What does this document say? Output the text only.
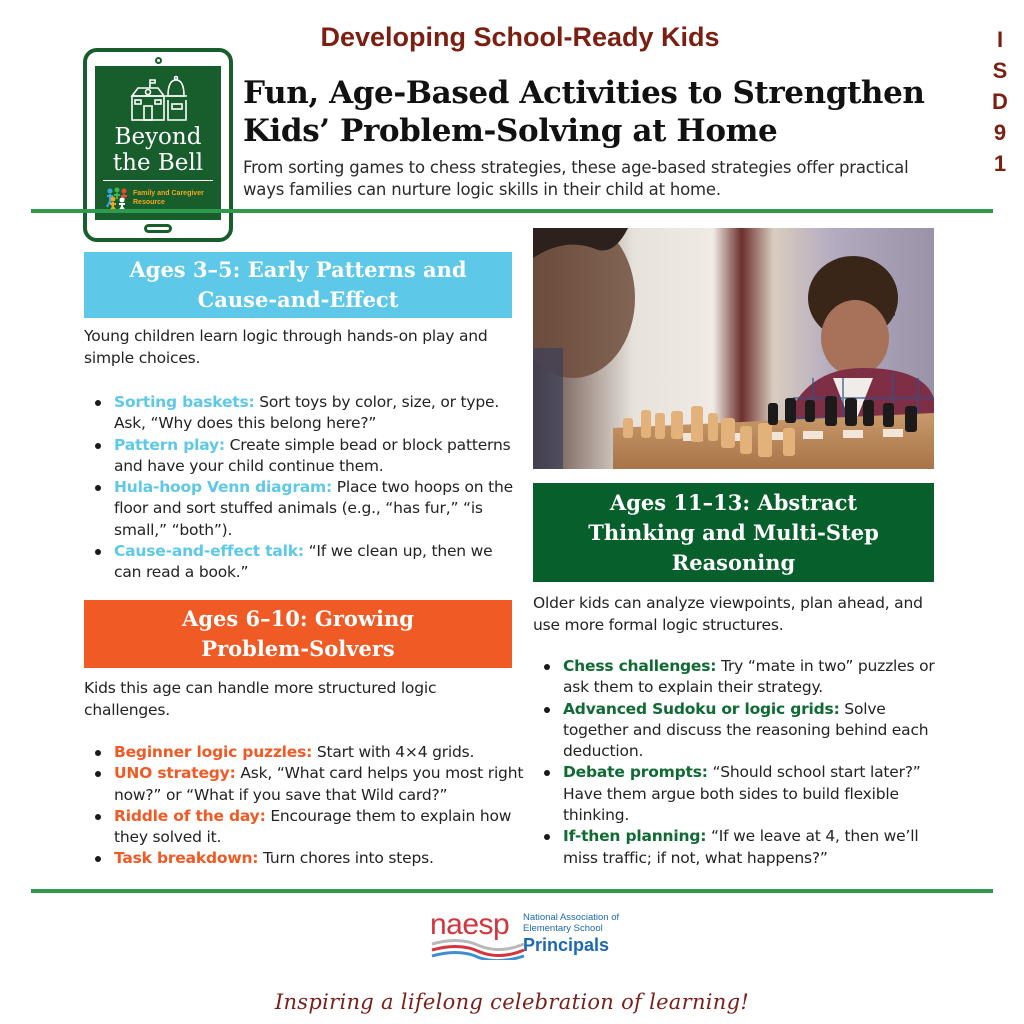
Developing School-Ready Kids	I
S
D
9
1
Beyond
the Bell
Family and Caregiver
Resource
Fun, Age-Based Activities to Strengthen Kids’ Problem-Solving at Home

From sorting games to chess strategies, these age-based strategies offer practical ways families can nurture logic skills in their child at home.

Ages 3–5: Early Patterns and Cause-and-Effect

Young children learn logic through hands-on play and simple choices.

Sorting baskets: Sort toys by color, size, or type. Ask, “Why does this belong here?”
Pattern play: Create simple bead or block patterns and have your child continue them.
Hula-hoop Venn diagram: Place two hoops on the floor and sort stuffed animals (e.g., “has fur,” “is small,” “both”).
Cause-and-effect talk: “If we clean up, then we can read a book.”
Ages 6–10: Growing Problem-Solvers

Kids this age can handle more structured logic challenges.

Beginner logic puzzles: Start with 4×4 grids.
UNO strategy: Ask, “What card helps you most right now?” or “What if you save that Wild card?”
Riddle of the day: Encourage them to explain how they solved it.
Task breakdown: Turn chores into steps.
Ages 11–13: Abstract Thinking and Multi-Step Reasoning

Older kids can analyze viewpoints, plan ahead, and use more formal logic structures.

Chess challenges: Try “mate in two” puzzles or ask them to explain their strategy.
Advanced Sudoku or logic grids: Solve together and discuss the reasoning behind each deduction.
Debate prompts: “Should school start later?” Have them argue both sides to build flexible thinking.
If-then planning: “If we leave at 4, then we’ll miss traffic; if not, what happens?”
naesp National Association of
Elementary School
Principals
Inspiring a lifelong celebration of learning!
